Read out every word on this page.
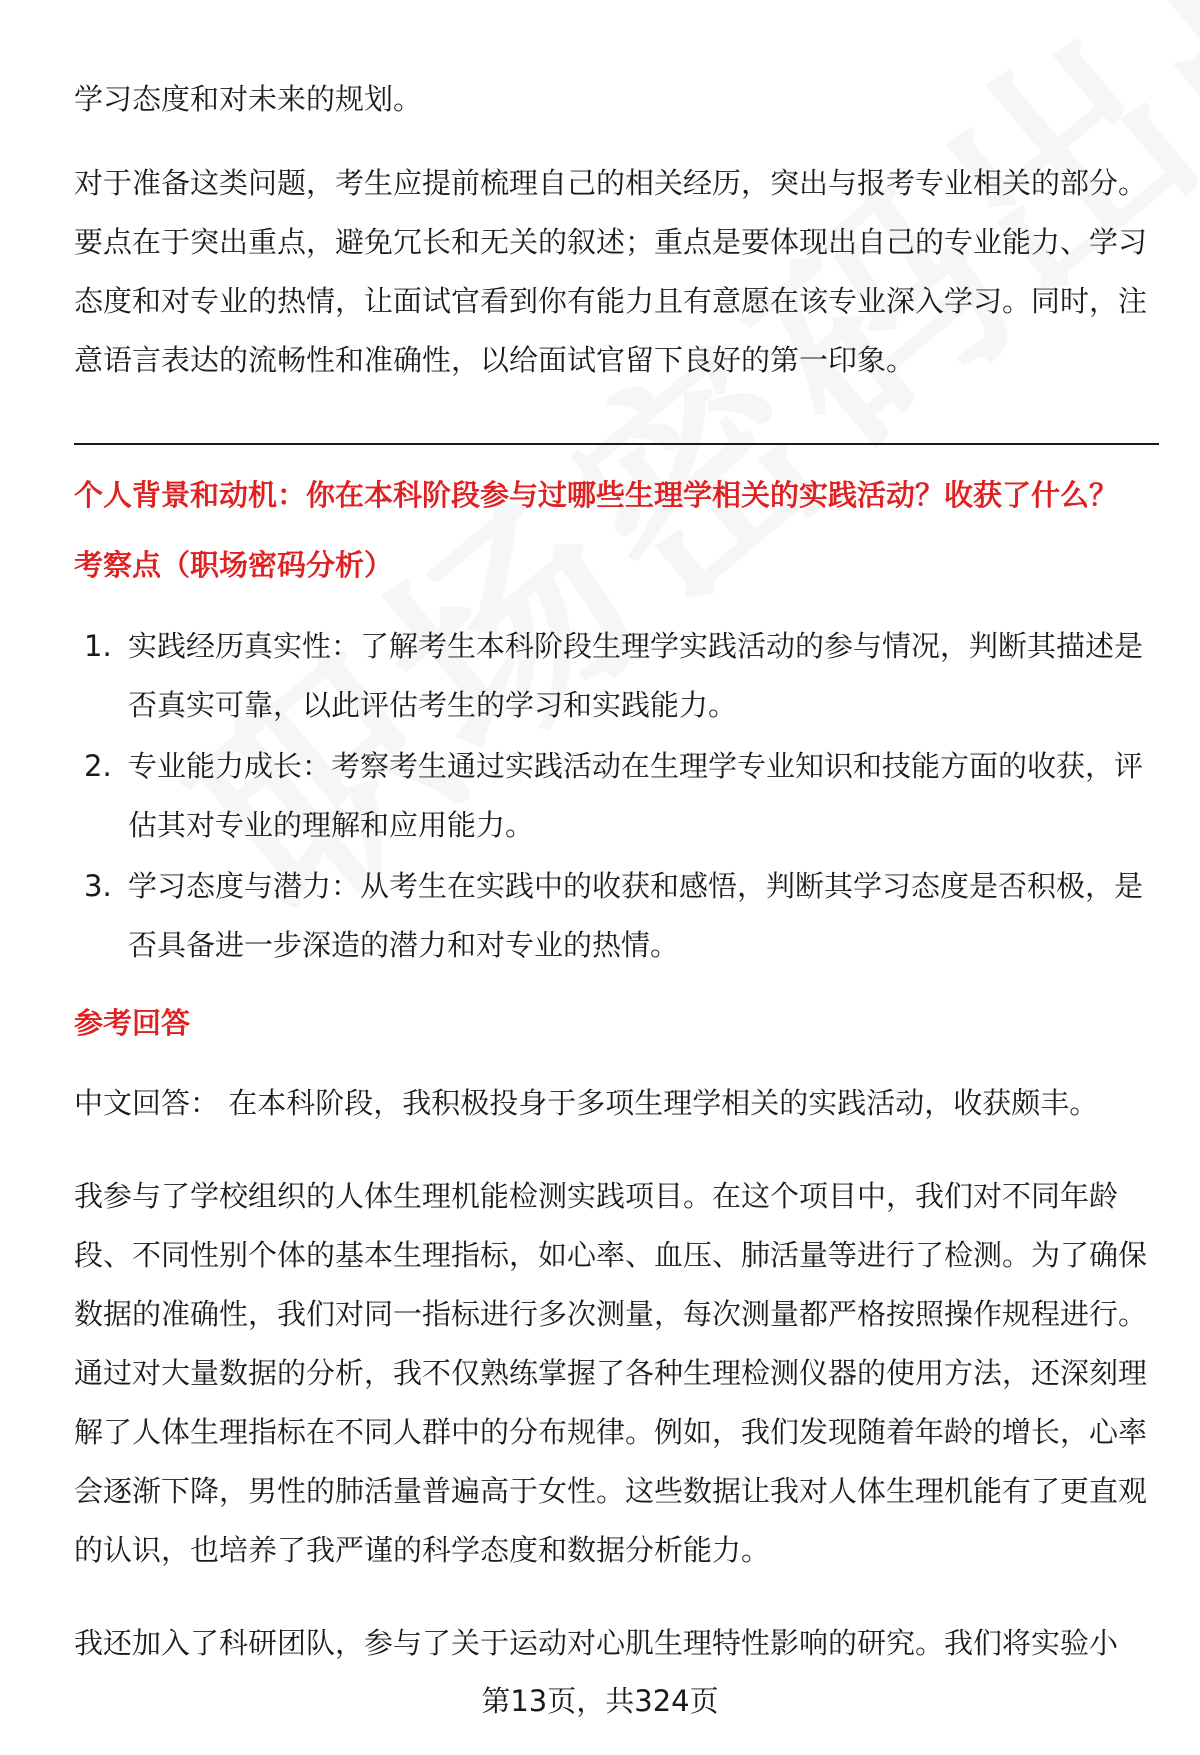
学习态度和对未来的规划。

对于准备这类问题，考生应提前梳理自己的相关经历，突出与报考专业相关的部分。要点在于突出重点，避免冗长和无关的叙述；重点是要体现出自己的专业能力、学习态度和对专业的热情，让面试官看到你有能力且有意愿在该专业深入学习。同时，注意语言表达的流畅性和准确性，以给面试官留下良好的第一印象。

个人背景和动机：你在本科阶段参与过哪些生理学相关的实践活动？收获了什么？

考察点（职场密码分析）

1. 实践经历真实性：了解考生本科阶段生理学实践活动的参与情况，判断其描述是否真实可靠，以此评估考生的学习和实践能力。
2. 专业能力成长：考察考生通过实践活动在生理学专业知识和技能方面的收获，评估其对专业的理解和应用能力。
3. 学习态度与潜力：从考生在实践中的收获和感悟，判断其学习态度是否积极，是否具备进一步深造的潜力和对专业的热情。

参考回答

中文回答： 在本科阶段，我积极投身于多项生理学相关的实践活动，收获颇丰。

我参与了学校组织的人体生理机能检测实践项目。在这个项目中，我们对不同年龄段、不同性别个体的基本生理指标，如心率、血压、肺活量等进行了检测。为了确保数据的准确性，我们对同一指标进行多次测量，每次测量都严格按照操作规程进行。通过对大量数据的分析，我不仅熟练掌握了各种生理检测仪器的使用方法，还深刻理解了人体生理指标在不同人群中的分布规律。例如，我们发现随着年龄的增长，心率会逐渐下降，男性的肺活量普遍高于女性。这些数据让我对人体生理机能有了更直观的认识，也培养了我严谨的科学态度和数据分析能力。

我还加入了科研团队，参与了关于运动对心肌生理特性影响的研究。我们将实验小

第13页，共324页
